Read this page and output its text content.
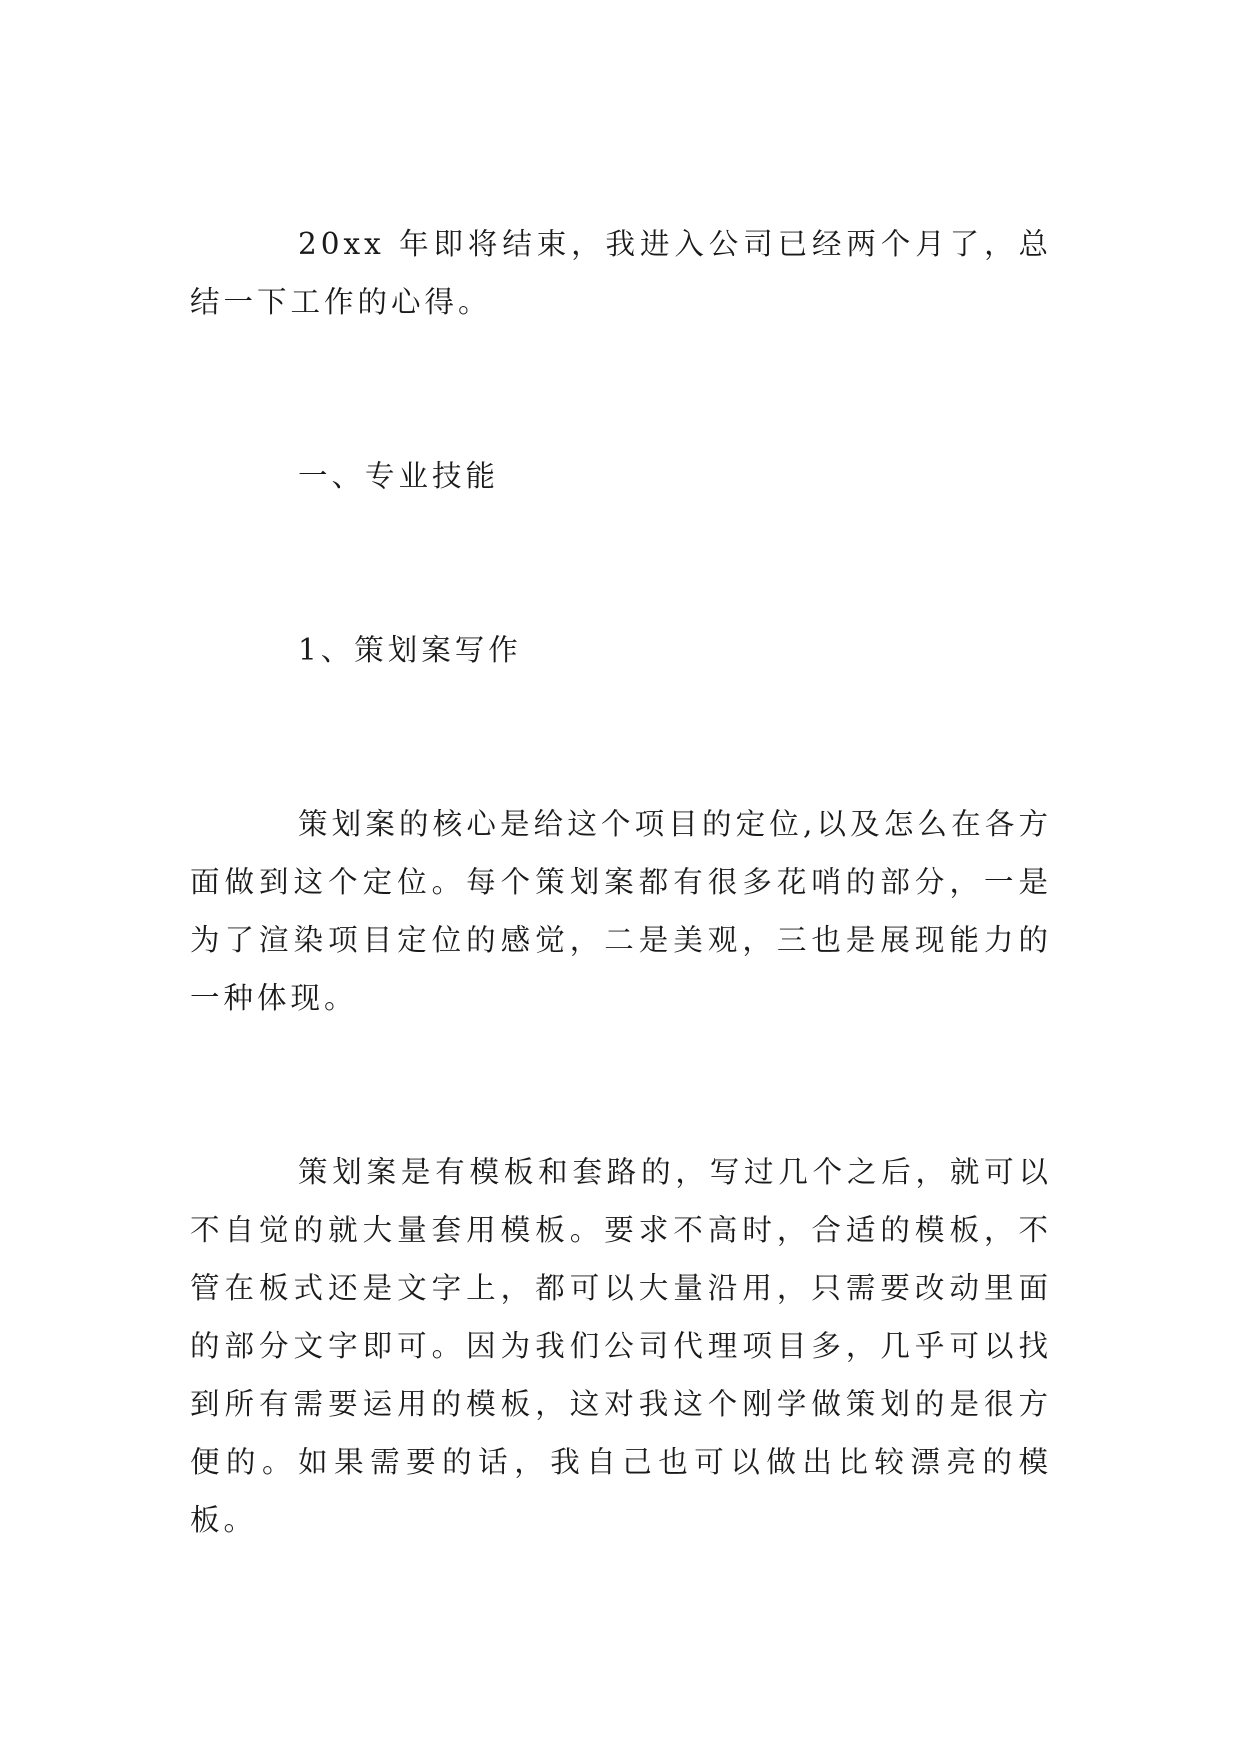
20xx 年即将结束，我进入公司已经两个月了，总结一下工作的心得。

一、专业技能

1、策划案写作

策划案的核心是给这个项目的定位,以及怎么在各方面做到这个定位。每个策划案都有很多花哨的部分，一是为了渲染项目定位的感觉，二是美观，三也是展现能力的一种体现。

策划案是有模板和套路的，写过几个之后，就可以不自觉的就大量套用模板。要求不高时，合适的模板，不管在板式还是文字上，都可以大量沿用，只需要改动里面的部分文字即可。因为我们公司代理项目多，几乎可以找到所有需要运用的模板，这对我这个刚学做策划的是很方便的。如果需要的话，我自己也可以做出比较漂亮的模板。
